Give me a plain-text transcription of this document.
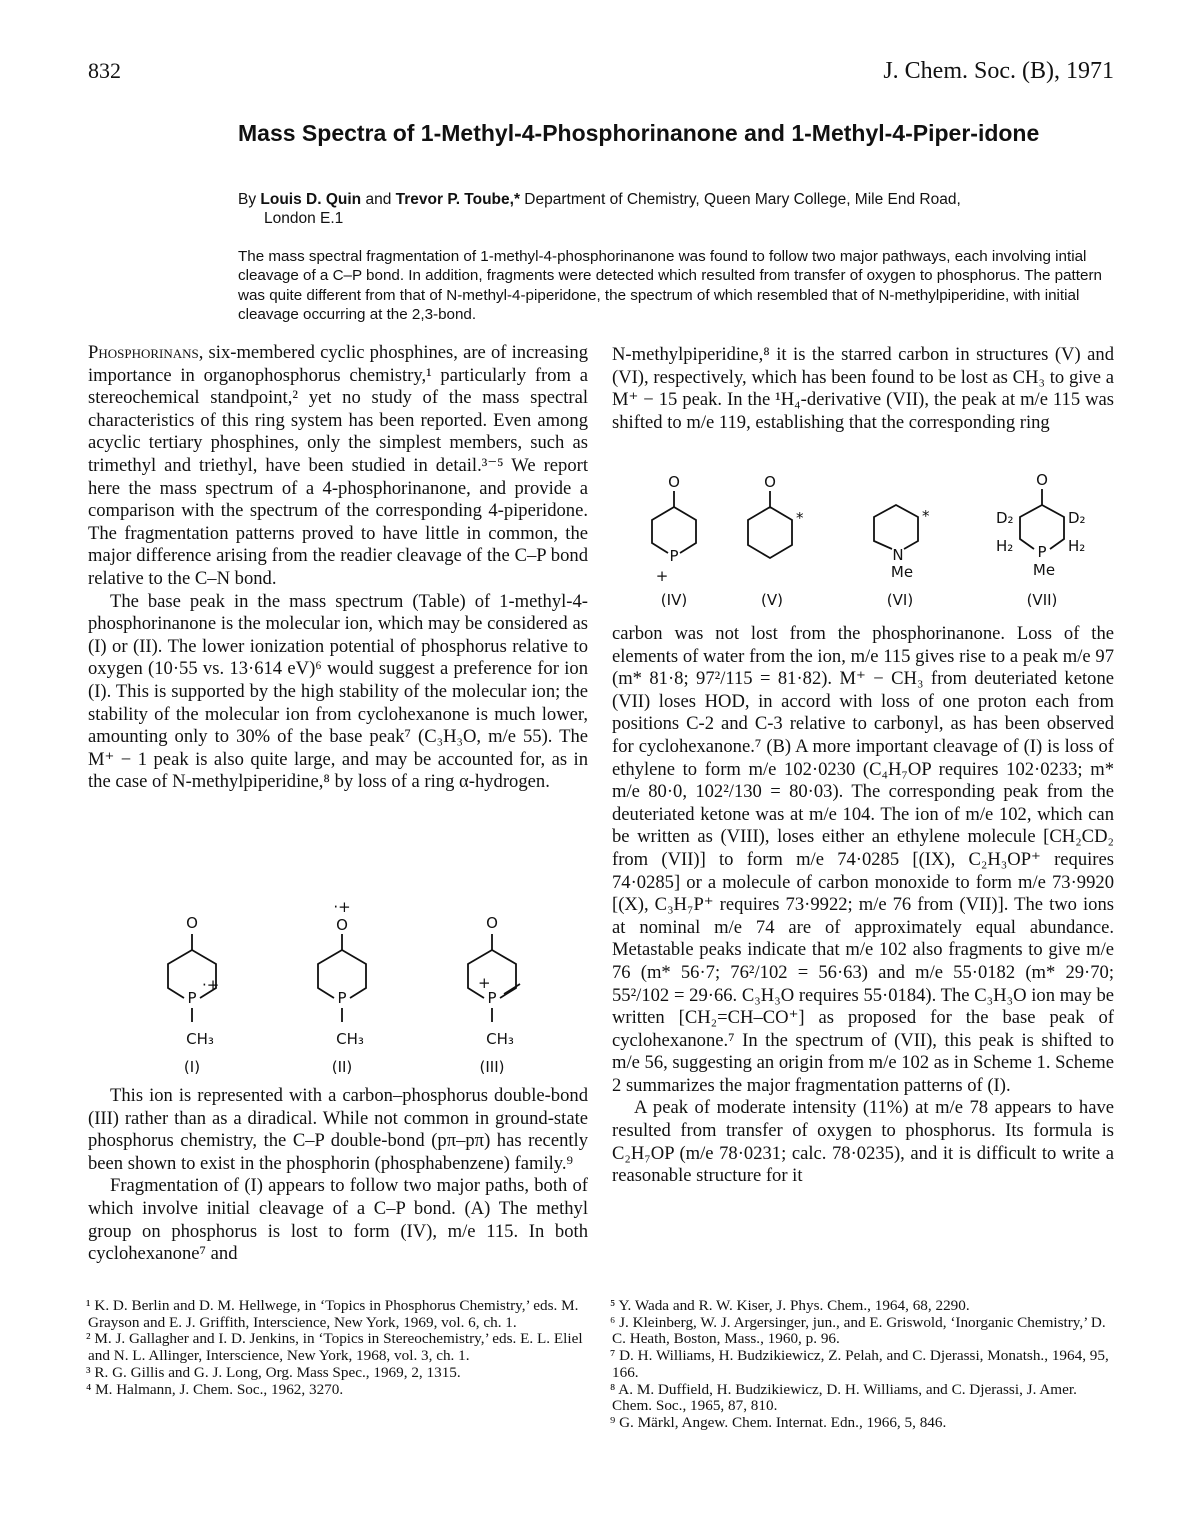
832	J. Chem. Soc. (B), 1971
Mass Spectra of 1-Methyl-4-Phosphorinanone and 1-Methyl-4-Piper-idone
By Louis D. Quin and Trevor P. Toube,* Department of Chemistry, Queen Mary College, Mile End Road,
London E.1
The mass spectral fragmentation of 1-methyl-4-phosphorinanone was found to follow two major pathways, each involving intial cleavage of a C–P bond. In addition, fragments were detected which resulted from transfer of oxygen to phosphorus. The pattern was quite different from that of N-methyl-4-piperidone, the spectrum of which resembled that of N-methylpiperidine, with initial cleavage occurring at the 2,3-bond.

Phosphorinans, six-membered cyclic phosphines, are of increasing importance in organophosphorus chemistry,¹ particularly from a stereochemical standpoint,² yet no study of the mass spectral characteristics of this ring system has been reported. Even among acyclic tertiary phosphines, only the simplest members, such as trimethyl and triethyl, have been studied in detail.³⁻⁵ We report here the mass spectrum of a 4-phosphorinanone, and provide a comparison with the spectrum of the corresponding 4-piperidone. The fragmentation patterns proved to have little in common, the major difference arising from the readier cleavage of the C–P bond relative to the C–N bond.

The base peak in the mass spectrum (Table) of 1-methyl-4-phosphorinanone is the molecular ion, which may be considered as (I) or (II). The lower ionization potential of phosphorus relative to oxygen (10·55 vs. 13·614 eV)⁶ would suggest a preference for ion (I). This is supported by the high stability of the molecular ion; the stability of the molecular ion from cyclohexanone is much lower, amounting only to 30% of the base peak⁷ (C₃H₃O, m/e 55). The M⁺ − 1 peak is also quite large, and may be accounted for, as in the case of N-methylpiperidine,⁸ by loss of a ring α-hydrogen.

O
P
·+
CH₃
(I)
·+
O
P
CH₃
(II)
O
P
+
CH₃
(III)

This ion is represented with a carbon–phosphorus double-bond (III) rather than as a diradical. While not common in ground-state phosphorus chemistry, the C–P double-bond (pπ–pπ) has recently been shown to exist in the phosphorin (phosphabenzene) family.⁹

Fragmentation of (I) appears to follow two major paths, both of which involve initial cleavage of a C–P bond. (A) The methyl group on phosphorus is lost to form (IV), m/e 115. In both cyclohexanone⁷ and

N-methylpiperidine,⁸ it is the starred carbon in structures (V) and (VI), respectively, which has been found to be lost as CH₃ to give a M⁺ − 15 peak. In the ¹H₄-derivative (VII), the peak at m/e 115 was shifted to m/e 119, establishing that the corresponding ring

O
P
+
(IV)
O
*
(V)
N
*
Me
(VI)
O
P
D₂	D₂
H₂	H₂
Me
(VII)

carbon was not lost from the phosphorinanone. Loss of the elements of water from the ion, m/e 115 gives rise to a peak m/e 97 (m* 81·8; 97²/115 = 81·82). M⁺ − CH₃ from deuteriated ketone (VII) loses HOD, in accord with loss of one proton each from positions C-2 and C-3 relative to carbonyl, as has been observed for cyclohexanone.⁷ (B) A more important cleavage of (I) is loss of ethylene to form m/e 102·0230 (C₄H₇OP requires 102·0233; m* m/e 80·0, 102²/130 = 80·03). The corresponding peak from the deuteriated ketone was at m/e 104. The ion of m/e 102, which can be written as (VIII), loses either an ethylene molecule [CH₂CD₂ from (VII)] to form m/e 74·0285 [(IX), C₂H₃OP⁺ requires 74·0285] or a molecule of carbon monoxide to form m/e 73·9920 [(X), C₃H₇P⁺ requires 73·9922; m/e 76 from (VII)]. The two ions at nominal m/e 74 are of approximately equal abundance. Metastable peaks indicate that m/e 102 also fragments to give m/e 76 (m* 56·7; 76²/102 = 56·63) and m/e 55·0182 (m* 29·70; 55²/102 = 29·66. C₃H₃O requires 55·0184). The C₃H₃O ion may be written [CH₂=CH–CO⁺] as proposed for the base peak of cyclohexanone.⁷ In the spectrum of (VII), this peak is shifted to m/e 56, suggesting an origin from m/e 102 as in Scheme 1. Scheme 2 summarizes the major fragmentation patterns of (I).

A peak of moderate intensity (11%) at m/e 78 appears to have resulted from transfer of oxygen to phosphorus. Its formula is C₂H₇OP (m/e 78·0231; calc. 78·0235), and it is difficult to write a reasonable structure for it

¹ K. D. Berlin and D. M. Hellwege, in ‘Topics in Phosphorus Chemistry,’ eds. M. Grayson and E. J. Griffith, Interscience, New York, 1969, vol. 6, ch. 1.

² M. J. Gallagher and I. D. Jenkins, in ‘Topics in Stereochemistry,’ eds. E. L. Eliel and N. L. Allinger, Interscience, New York, 1968, vol. 3, ch. 1.

³ R. G. Gillis and G. J. Long, Org. Mass Spec., 1969, 2, 1315.

⁴ M. Halmann, J. Chem. Soc., 1962, 3270.

⁵ Y. Wada and R. W. Kiser, J. Phys. Chem., 1964, 68, 2290.

⁶ J. Kleinberg, W. J. Argersinger, jun., and E. Griswold, ‘Inorganic Chemistry,’ D. C. Heath, Boston, Mass., 1960, p. 96.

⁷ D. H. Williams, H. Budzikiewicz, Z. Pelah, and C. Djerassi, Monatsh., 1964, 95, 166.

⁸ A. M. Duffield, H. Budzikiewicz, D. H. Williams, and C. Djerassi, J. Amer. Chem. Soc., 1965, 87, 810.

⁹ G. Märkl, Angew. Chem. Internat. Edn., 1966, 5, 846.
